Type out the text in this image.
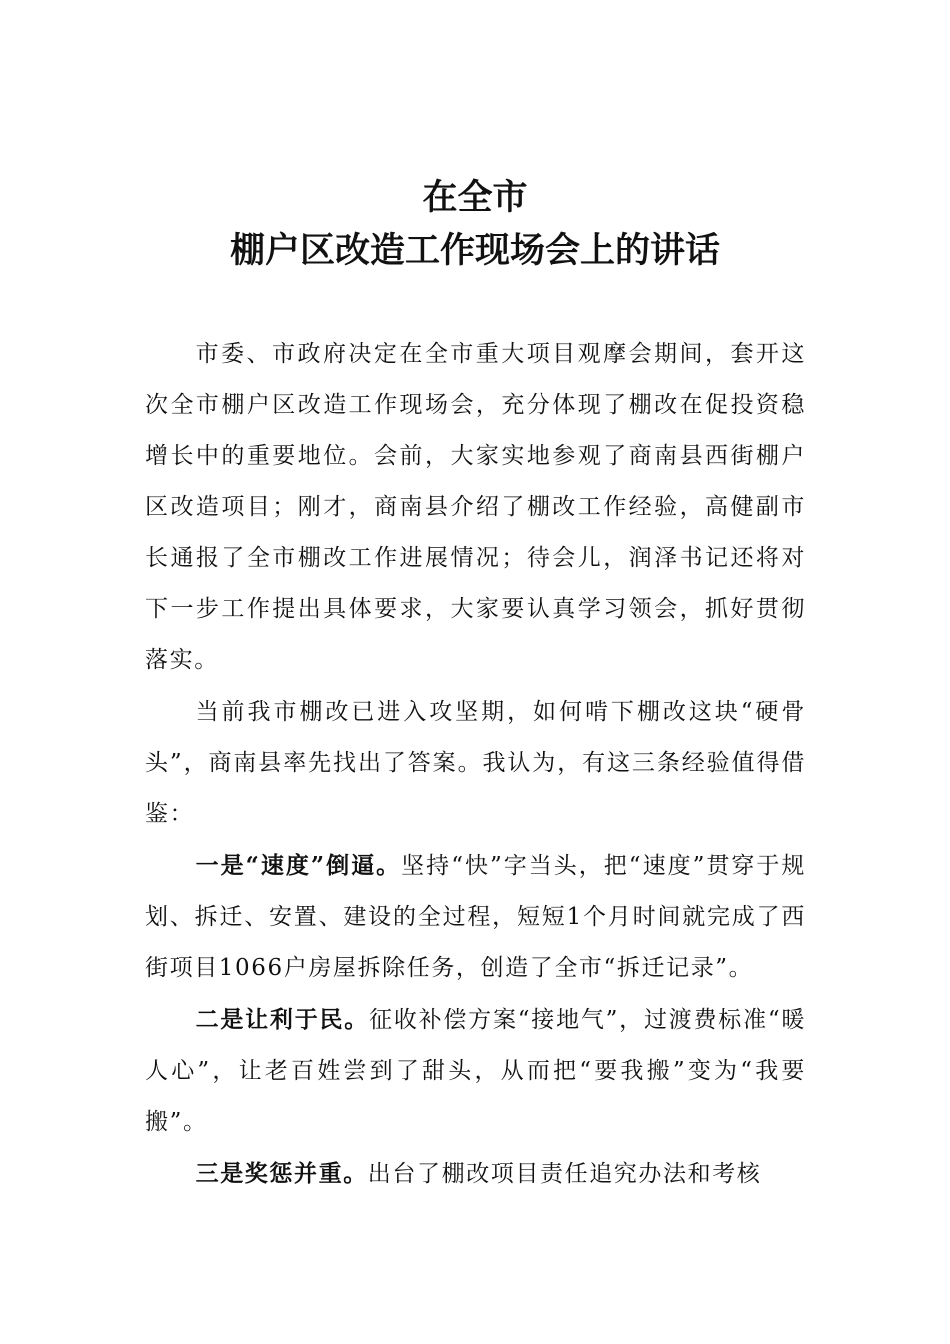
在全市
棚户区改造工作现场会上的讲话

市委、市政府决定在全市重大项目观摩会期间，套开这次全市棚户区改造工作现场会，充分体现了棚改在促投资稳增长中的重要地位。会前，大家实地参观了商南县西街棚户区改造项目；刚才，商南县介绍了棚改工作经验，高健副市长通报了全市棚改工作进展情况；待会儿，润泽书记还将对下一步工作提出具体要求，大家要认真学习领会，抓好贯彻落实。

当前我市棚改已进入攻坚期，如何啃下棚改这块“硬骨头”，商南县率先找出了答案。我认为，有这三条经验值得借鉴：

一是“速度”倒逼。坚持“快”字当头，把“速度”贯穿于规划、拆迁、安置、建设的全过程，短短1个月时间就完成了西街项目1066户房屋拆除任务，创造了全市“拆迁记录”。

二是让利于民。征收补偿方案“接地气”，过渡费标准“暖人心”，让老百姓尝到了甜头，从而把“要我搬”变为“我要搬”。

三是奖惩并重。出台了棚改项目责任追究办法和考核
